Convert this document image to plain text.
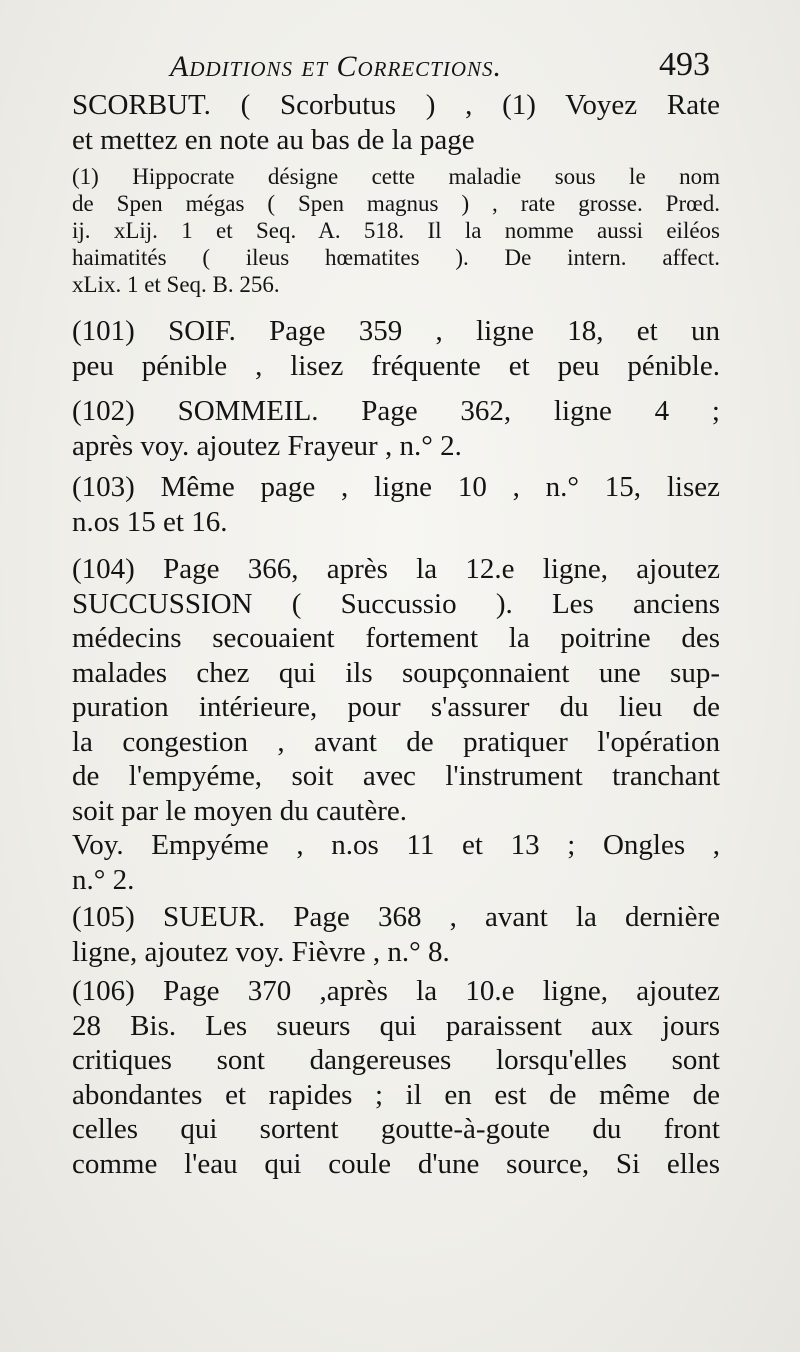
Additions et Corrections.	493
SCORBUT. ( Scorbutus ) , (1) Voyez Rate
et mettez en note au bas de la page
(1) Hippocrate désigne cette maladie sous le nom
de Spen mégas ( Spen magnus ) , rate grosse. Prœd.
ij. xLij. 1 et Seq. A. 518. Il la nomme aussi eiléos
haimatités ( ileus hœmatites ). De intern. affect.
xLix. 1 et Seq. B. 256.
(101) SOIF. Page 359 , ligne 18, et un
peu pénible , lisez fréquente et peu pénible.
(102) SOMMEIL. Page 362, ligne 4 ;
après voy. ajoutez Frayeur , n.° 2.
(103) Même page , ligne 10 , n.° 15, lisez
n.os 15 et 16.
(104) Page 366, après la 12.e ligne, ajoutez
SUCCUSSION ( Succussio ). Les anciens
médecins secouaient fortement la poitrine des
malades chez qui ils soupçonnaient une sup-
puration intérieure, pour s'assurer du lieu de
la congestion , avant de pratiquer l'opération
de l'empyéme, soit avec l'instrument tranchant
soit par le moyen du cautère.
Voy. Empyéme , n.os 11 et 13 ; Ongles ,
n.° 2.
(105) SUEUR. Page 368 , avant la dernière
ligne, ajoutez voy. Fièvre , n.° 8.
(106) Page 370 ,après la 10.e ligne, ajoutez
28 Bis. Les sueurs qui paraissent aux jours
critiques sont dangereuses lorsqu'elles sont
abondantes et rapides ; il en est de même de
celles qui sortent goutte-à-goute du front
comme l'eau qui coule d'une source, Si elles
